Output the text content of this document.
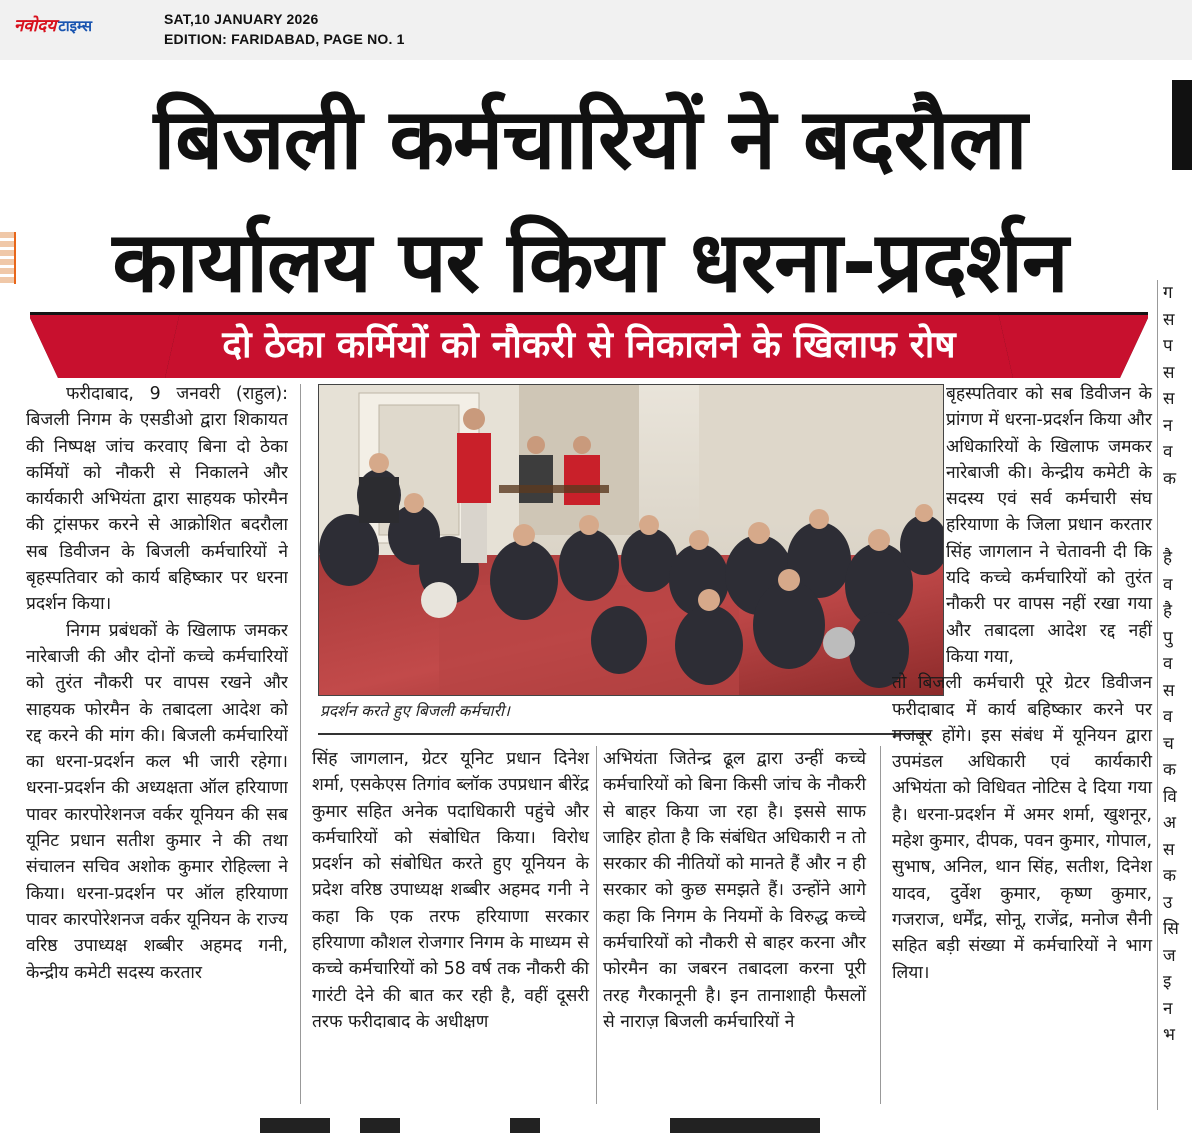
नवोदय टाइम्स	SAT,10 JANUARY 2026
EDITION: FARIDABAD, PAGE NO. 1
बिजली कर्मचारियों ने बदरौला
कार्यालय पर किया धरना-प्रदर्शन
दो ठेका कर्मियों को नौकरी से निकालने के खिलाफ रोष

फरीदाबाद, 9 जनवरी (राहुल): बिजली निगम के एसडीओ द्वारा शिकायत की निष्पक्ष जांच करवाए बिना दो ठेका कर्मियों को नौकरी से निकालने और कार्यकारी अभियंता द्वारा साहयक फोरमैन की ट्रांसफर करने से आक्रोशित बदरौला सब डिवीजन के बिजली कर्मचारियों ने बृहस्पतिवार को कार्य बहिष्कार पर धरना प्रदर्शन किया।

निगम प्रबंधकों के खिलाफ जमकर नारेबाजी की और दोनों कच्चे कर्मचारियों को तुरंत नौकरी पर वापस रखने और साहयक फोरमैन के तबादला आदेश को रद्द करने की मांग की। बिजली कर्मचारियों का धरना-प्रदर्शन कल भी जारी रहेगा। धरना-प्रदर्शन की अध्यक्षता ऑल हरियाणा पावर कारपोरेशनज वर्कर यूनियन की सब यूनिट प्रधान सतीश कुमार ने की तथा संचालन सचिव अशोक कुमार रोहिल्ला ने किया। धरना-प्रदर्शन पर ऑल हरियाणा पावर कारपोरेशनज वर्कर यूनियन के राज्य वरिष्ठ उपाध्यक्ष शब्बीर अहमद गनी, केन्द्रीय कमेटी सदस्य करतार

प्रदर्शन करते हुए बिजली कर्मचारी।

सिंह जागलान, ग्रेटर यूनिट प्रधान दिनेश शर्मा, एसकेएस तिगांव ब्लॉक उपप्रधान बीरेंद्र कुमार सहित अनेक पदाधिकारी पहुंचे और कर्मचारियों को संबोधित किया। विरोध प्रदर्शन को संबोधित करते हुए यूनियन के प्रदेश वरिष्ठ उपाध्यक्ष शब्बीर अहमद गनी ने कहा कि एक तरफ हरियाणा सरकार हरियाणा कौशल रोजगार निगम के माध्यम से कच्चे कर्मचारियों को 58 वर्ष तक नौकरी की गारंटी देने की बात कर रही है, वहीं दूसरी तरफ फरीदाबाद के अधीक्षण

अभियंता जितेन्द्र ढूल द्वारा उन्हीं कच्चे कर्मचारियों को बिना किसी जांच के नौकरी से बाहर किया जा रहा है। इससे साफ जाहिर होता है कि संबंधित अधिकारी न तो सरकार की नीतियों को मानते हैं और न ही सरकार को कुछ समझते हैं। उन्होंने आगे कहा कि निगम के नियमों के विरुद्ध कच्चे कर्मचारियों को नौकरी से बाहर करना और फोरमैन का जबरन तबादला करना पूरी तरह गैरकानूनी है। इन तानाशाही फैसलों से नाराज़ बिजली कर्मचारियों ने

बृहस्पतिवार को सब डिवीजन के प्रांगण में धरना-प्रदर्शन किया और अधिकारियों के खिलाफ जमकर नारेबाजी की। केन्द्रीय कमेटी के सदस्य एवं सर्व कर्मचारी संघ हरियाणा के जिला प्रधान करतार सिंह जागलान ने चेतावनी दी कि यदि कच्चे कर्मचारियों को तुरंत नौकरी पर वापस नहीं रखा गया और तबादला आदेश रद्द नहीं किया गया,

तो बिजली कर्मचारी पूरे ग्रेटर डिवीजन फरीदाबाद में कार्य बहिष्कार करने पर मजबूर होंगे। इस संबंध में यूनियन द्वारा उपमंडल अधिकारी एवं कार्यकारी अभियंता को विधिवत नोटिस दे दिया गया है। धरना-प्रदर्शन में अमर शर्मा, खुशनूर, महेश कुमार, दीपक, पवन कुमार, गोपाल, सुभाष, अनिल, थान सिंह, सतीश, दिनेश यादव, दुर्वेश कुमार, कृष्ण कुमार, गजराज, धर्मेंद्र, सोनू, राजेंद्र, मनोज सैनी सहित बड़ी संख्या में कर्मचारियों ने भाग लिया।

ग
स
प
स
स
न
व
क

है
व
है
पु
व
स
व
च
क
वि
अ
स
क
उ
सि
ज
इ
न
भ
